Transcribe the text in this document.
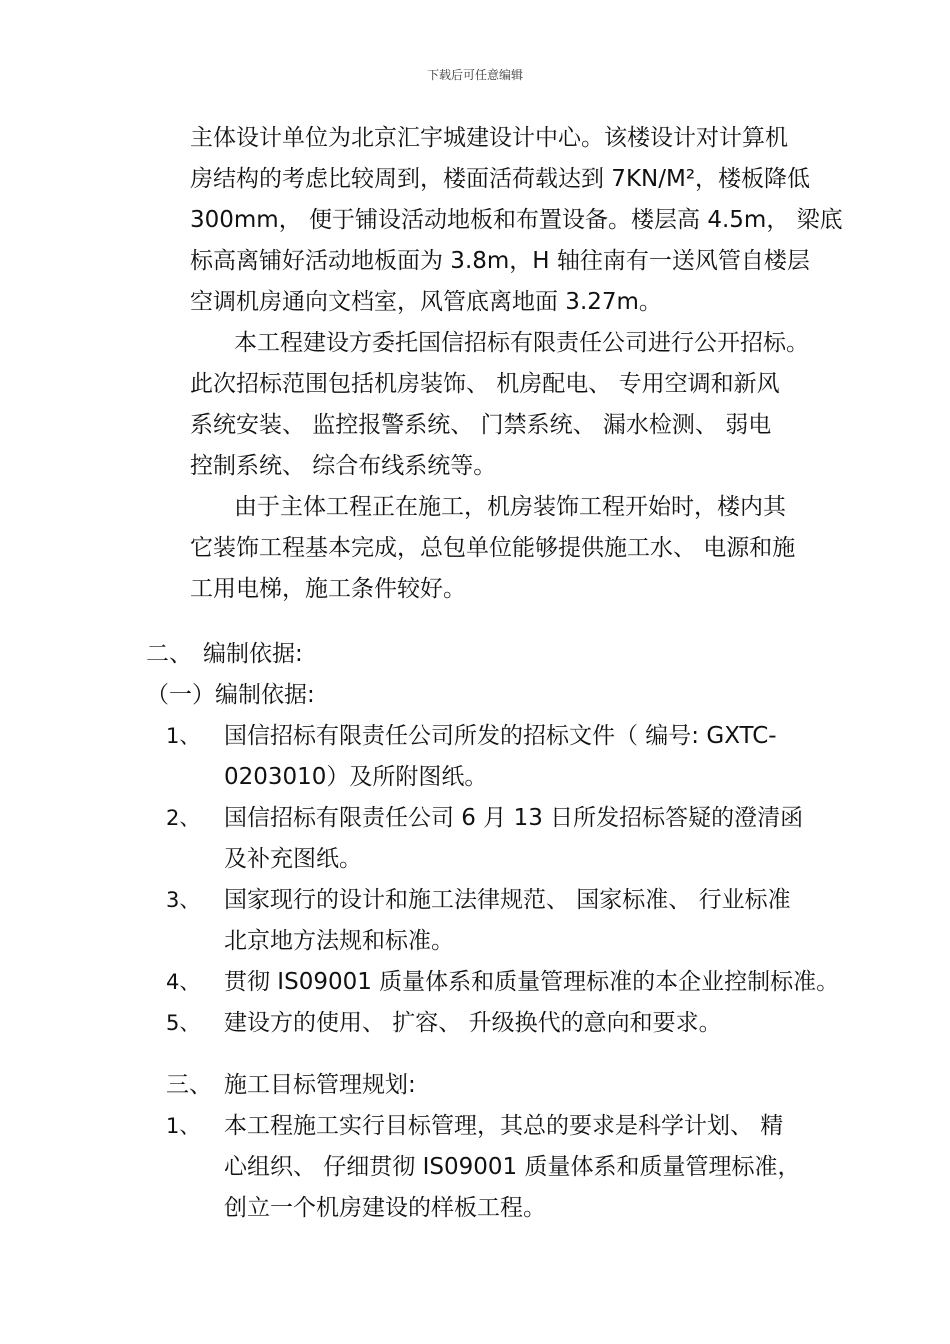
下载后可任意编辑
主体设计单位为北京汇宇城建设计中心。该楼设计对计算机
房结构的考虑比较周到，楼面活荷载达到 7KN/M²，楼板降低
300mm， 便于铺设活动地板和布置设备。楼层高 4.5m， 梁底
标高离铺好活动地板面为 3.8m，H 轴往南有一送风管自楼层
空调机房通向文档室，风管底离地面 3.27m。
本工程建设方委托国信招标有限责任公司进行公开招标。
此次招标范围包括机房装饰、 机房配电、 专用空调和新风
系统安装、 监控报警系统、 门禁系统、 漏水检测、 弱电
控制系统、 综合布线系统等。
由于主体工程正在施工，机房装饰工程开始时，楼内其
它装饰工程基本完成，总包单位能够提供施工水、 电源和施
工用电梯，施工条件较好。
二、 编制依据:
（一）编制依据:
1、 国信招标有限责任公司所发的招标文件（ 编号: GXTC-
0203010）及所附图纸。
2、 国信招标有限责任公司 6 月 13 日所发招标答疑的澄清函
及补充图纸。
3、 国家现行的设计和施工法律规范、 国家标准、 行业标准
北京地方法规和标准。
4、 贯彻 IS09001 质量体系和质量管理标准的本企业控制标准。
5、 建设方的使用、 扩容、 升级换代的意向和要求。
三、 施工目标管理规划:
1、 本工程施工实行目标管理，其总的要求是科学计划、 精
心组织、 仔细贯彻 IS09001 质量体系和质量管理标准，
创立一个机房建设的样板工程。
